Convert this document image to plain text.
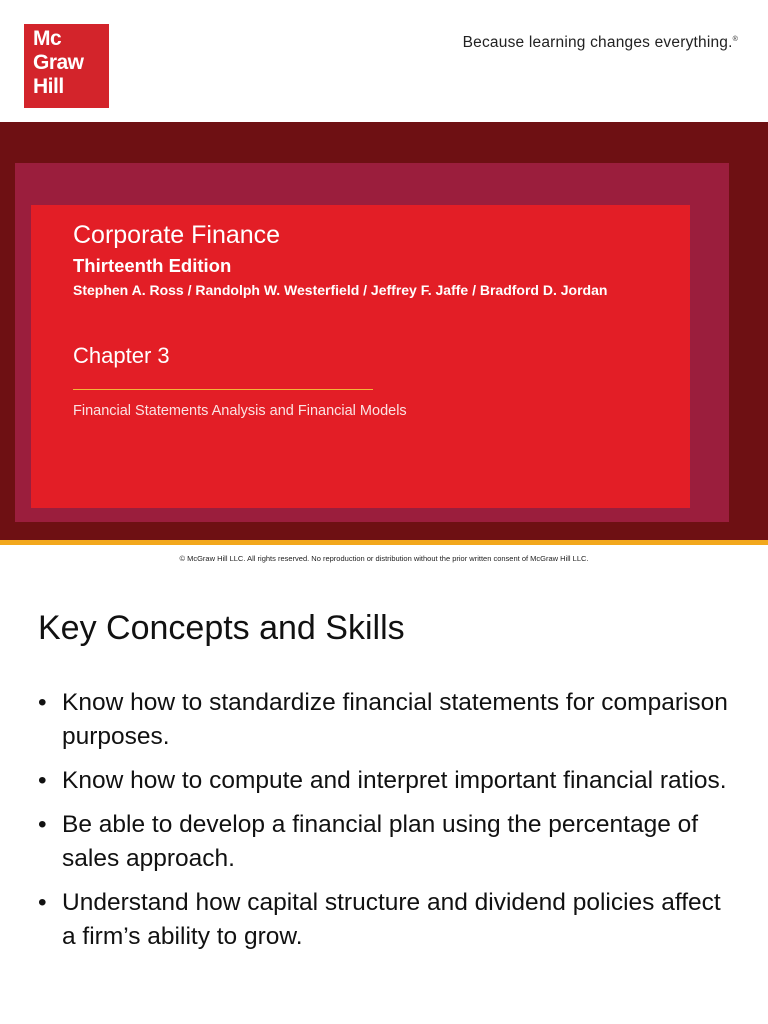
Mc
Graw
Hill
Because learning changes everything.®
Corporate Finance
Thirteenth Edition
Stephen A. Ross / Randolph W. Westerfield / Jeffrey F. Jaffe / Bradford D. Jordan
Chapter 3
Financial Statements Analysis and Financial Models
© McGraw Hill LLC. All rights reserved. No reproduction or distribution without the prior written consent of McGraw Hill LLC.
Key Concepts and Skills
• Know how to standardize financial statements for comparison purposes.
• Know how to compute and interpret important financial ratios.
• Be able to develop a financial plan using the percentage of sales approach.
• Understand how capital structure and dividend policies affect a firm’s ability to grow.
